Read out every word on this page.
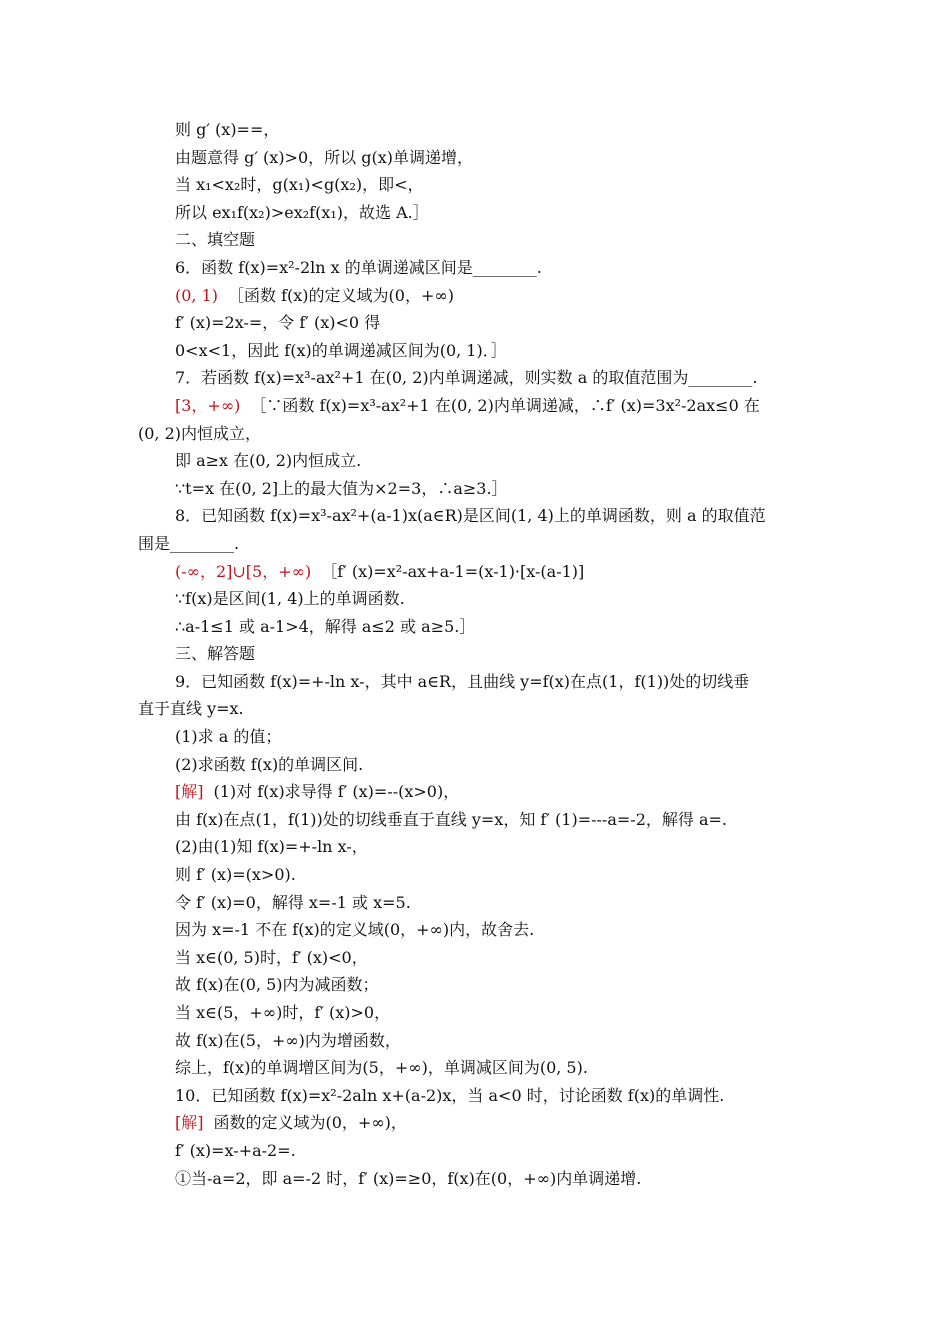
则 g′ (x)==，
由题意得 g′ (x)>0，所以 g(x)单调递增，
当 x₁<x₂时，g(x₁)<g(x₂)，即<，
所以 ex₁f(x₂)>ex₂f(x₁)，故选 A.］
二、填空题
6．函数 f(x)=x²-2ln x 的单调递减区间是________.
(0, 1) ［函数 f(x)的定义域为(0，+∞)
f′ (x)=2x-=，令 f′ (x)<0 得
0<x<1，因此 f(x)的单调递减区间为(0, 1)．］
7．若函数 f(x)=x³-ax²+1 在(0, 2)内单调递减，则实数 a 的取值范围为________.
[3，+∞) ［∵函数 f(x)=x³-ax²+1 在(0, 2)内单调递减，∴f′ (x)=3x²-2ax≤0 在
(0, 2)内恒成立，
即 a≥x 在(0, 2)内恒成立.
∵t=x 在(0, 2]上的最大值为×2=3，∴a≥3.］
8．已知函数 f(x)=x³-ax²+(a-1)x(a∈R)是区间(1, 4)上的单调函数，则 a 的取值范
围是________.
(-∞，2]∪[5，+∞) ［f′ (x)=x²-ax+a-1=(x-1)·[x-(a-1)]
∵f(x)是区间(1, 4)上的单调函数.
∴a-1≤1 或 a-1>4，解得 a≤2 或 a≥5.］
三、解答题
9．已知函数 f(x)=+-ln x-，其中 a∈R，且曲线 y=f(x)在点(1，f(1))处的切线垂
直于直线 y=x.
(1)求 a 的值；
(2)求函数 f(x)的单调区间.
[解] (1)对 f(x)求导得 f′ (x)=--(x>0)，
由 f(x)在点(1，f(1))处的切线垂直于直线 y=x，知 f′ (1)=---a=-2，解得 a=.
(2)由(1)知 f(x)=+-ln x-，
则 f′ (x)=(x>0).
令 f′ (x)=0，解得 x=-1 或 x=5.
因为 x=-1 不在 f(x)的定义域(0，+∞)内，故舍去.
当 x∈(0, 5)时，f′ (x)<0，
故 f(x)在(0, 5)内为减函数；
当 x∈(5，+∞)时，f′ (x)>0，
故 f(x)在(5，+∞)内为增函数，
综上，f(x)的单调增区间为(5，+∞)，单调减区间为(0, 5).
10．已知函数 f(x)=x²-2aln x+(a-2)x，当 a<0 时，讨论函数 f(x)的单调性.
[解] 函数的定义域为(0，+∞)，
f′ (x)=x-+a-2=.
①当-a=2，即 a=-2 时，f′ (x)=≥0，f(x)在(0，+∞)内单调递增.
